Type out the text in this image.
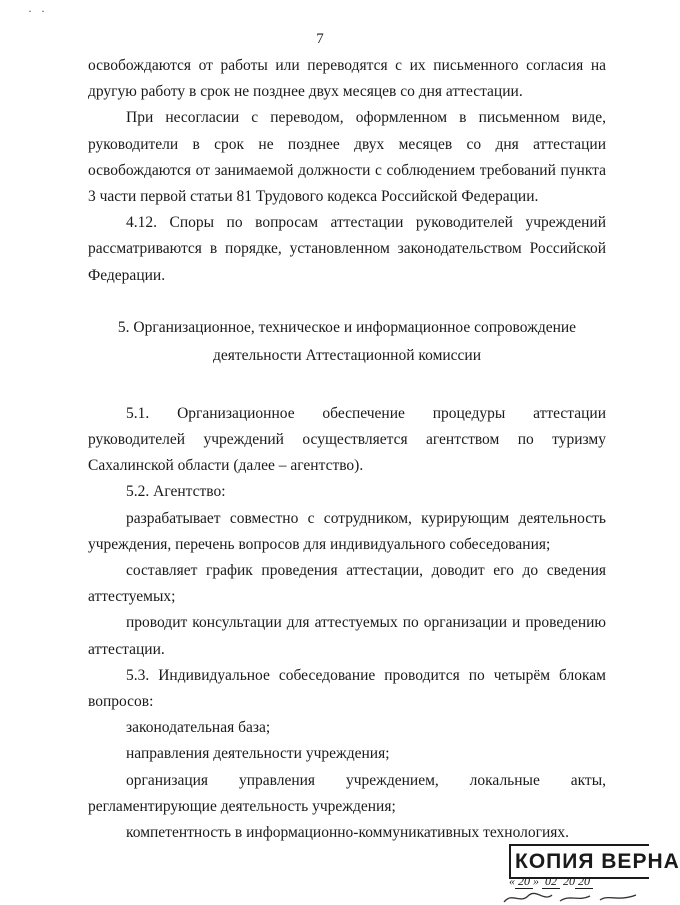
·   ·
7

освобождаются от работы или переводятся с их письменного согласия на другую работу в срок не позднее двух месяцев со дня аттестации.

При несогласии с переводом, оформленном в письменном виде, руководители в срок не позднее двух месяцев со дня аттестации освобождаются от занимаемой должности с соблюдением требований пункта 3 части первой статьи 81 Трудового кодекса Российской Федерации.

4.12. Споры по вопросам аттестации руководителей учреждений рассматриваются в порядке, установленном законодательством Российской Федерации.

5. Организационное, техническое и информационное сопровождение деятельности Аттестационной комиссии

5.1. Организационное обеспечение процедуры аттестации руководителей учреждений осуществляется агентством по туризму Сахалинской области (далее – агентство).

5.2. Агентство:

разрабатывает совместно с сотрудником, курирующим деятельность учреждения, перечень вопросов для индивидуального собеседования;

составляет график проведения аттестации, доводит его до сведения аттестуемых;

проводит консультации для аттестуемых по организации и проведению аттестации.

5.3. Индивидуальное собеседование проводится по четырём блокам вопросов:

законодательная база;

направления деятельности учреждения;

организация управления учреждением, локальные акты, регламентирующие деятельность учреждения;

компетентность в информационно-коммуникативных технологиях.

КОПИЯ ВЕРНА
« 20 » 02 20 20
